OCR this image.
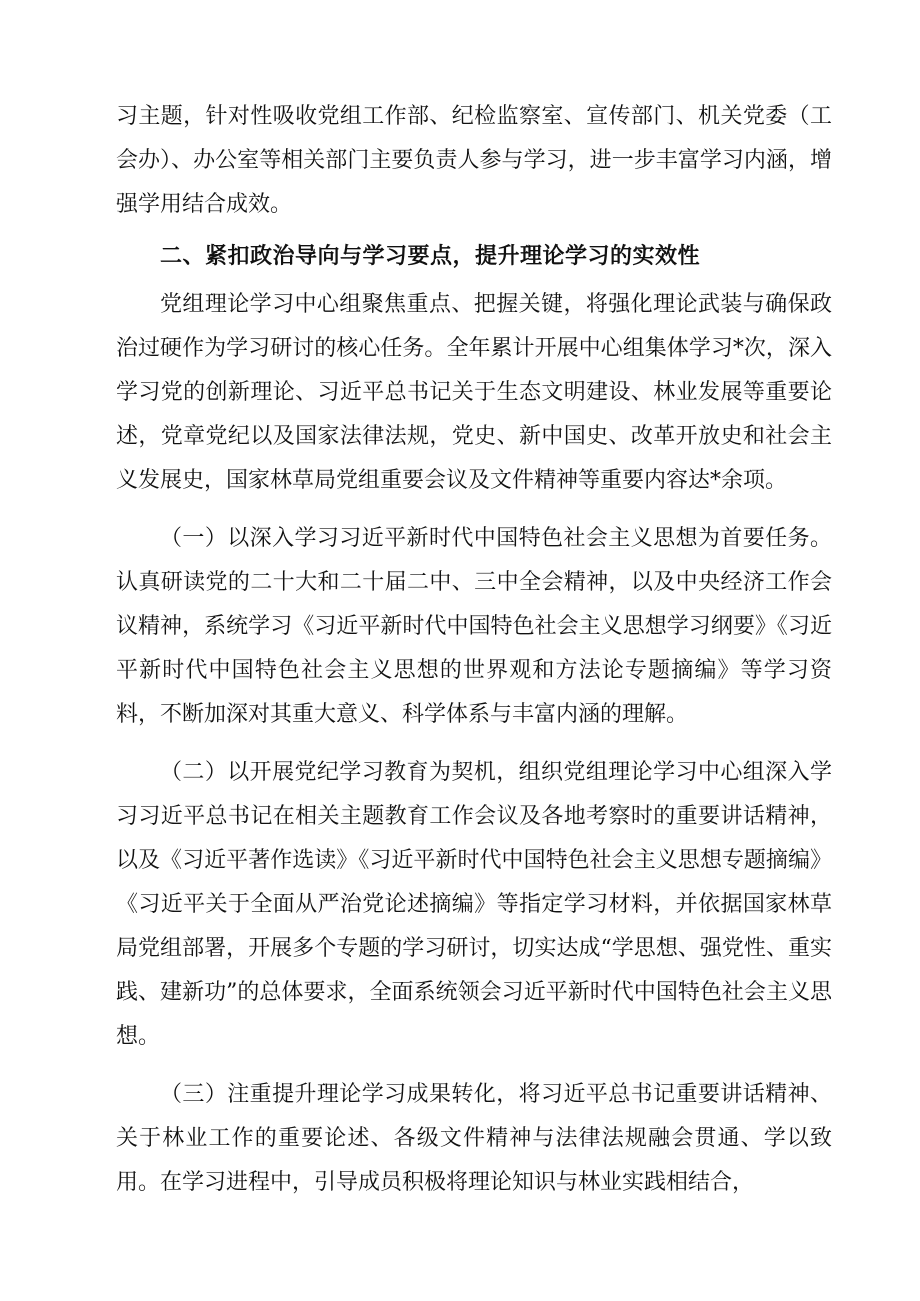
习主题，针对性吸收党组工作部、纪检监察室、宣传部门、机关党委（工会办）、办公室等相关部门主要负责人参与学习，进一步丰富学习内涵，增强学用结合成效。

二、紧扣政治导向与学习要点，提升理论学习的实效性

党组理论学习中心组聚焦重点、把握关键，将强化理论武装与确保政治过硬作为学习研讨的核心任务。全年累计开展中心组集体学习*次，深入学习党的创新理论、习近平总书记关于生态文明建设、林业发展等重要论述，党章党纪以及国家法律法规，党史、新中国史、改革开放史和社会主义发展史，国家林草局党组重要会议及文件精神等重要内容达*余项。

（一）以深入学习习近平新时代中国特色社会主义思想为首要任务。认真研读党的二十大和二十届二中、三中全会精神，以及中央经济工作会议精神，系统学习《习近平新时代中国特色社会主义思想学习纲要》《习近平新时代中国特色社会主义思想的世界观和方法论专题摘编》等学习资料，不断加深对其重大意义、科学体系与丰富内涵的理解。

（二）以开展党纪学习教育为契机，组织党组理论学习中心组深入学习习近平总书记在相关主题教育工作会议及各地考察时的重要讲话精神，以及《习近平著作选读》《习近平新时代中国特色社会主义思想专题摘编》《习近平关于全面从严治党论述摘编》等指定学习材料，并依据国家林草局党组部署，开展多个专题的学习研讨，切实达成“学思想、强党性、重实践、建新功”的总体要求，全面系统领会习近平新时代中国特色社会主义思想。

（三）注重提升理论学习成果转化，将习近平总书记重要讲话精神、关于林业工作的重要论述、各级文件精神与法律法规融会贯通、学以致用。在学习进程中，引导成员积极将理论知识与林业实践相结合，
